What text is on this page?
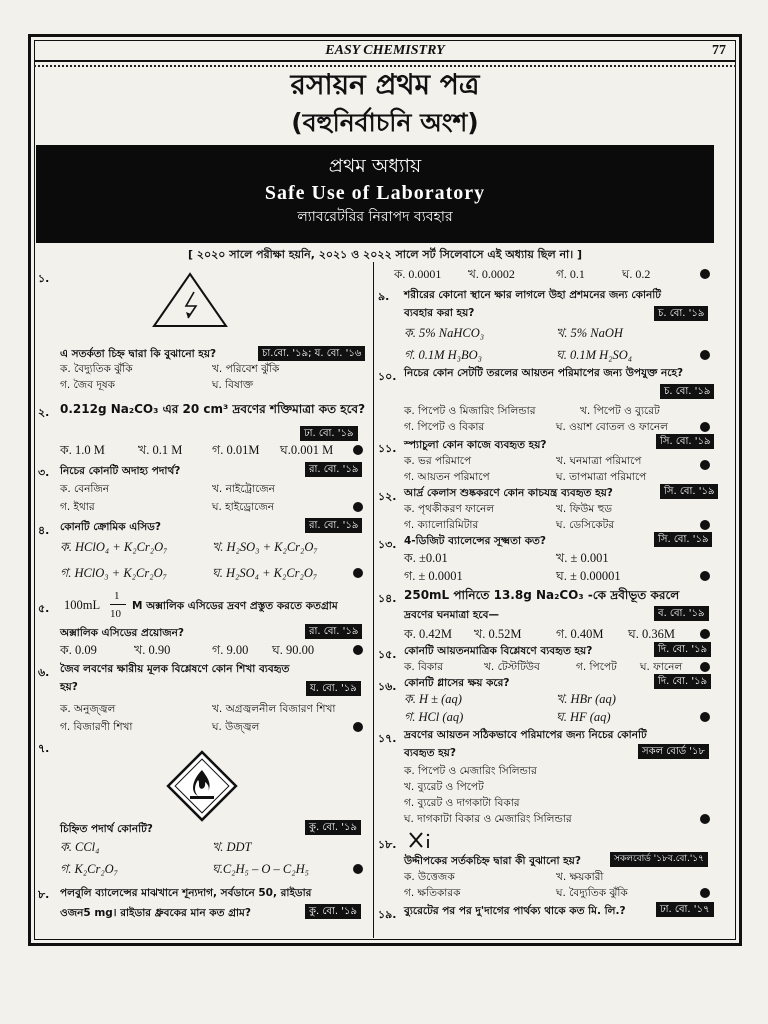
EASY CHEMISTRY	77
রসায়ন প্রথম পত্র
(বহুনির্বাচনি অংশ)
প্রথম অধ্যায়
Safe Use of Laboratory
ল্যাবরেটরির নিরাপদ ব্যবহার
[ ২০২০ সালে পরীক্ষা হয়নি, ২০২১ ও ২০২২ সালে সর্ট সিলেবাসে এই অধ্যায় ছিল না। ]
১.
এ সতর্কতা চিহ্ন দ্বারা কি বুঝানো হয়?	চা.বো. '১৯; য. বো. '১৬
ক. বৈদ্যুতিক ঝুঁকি	খ. পরিবেশ ঝুঁকি
গ. জৈব দূষক	ঘ. বিষাক্ত
২. 0.212g Na₂CO₃ এর 20 cm³ দ্রবণের শক্তিমাত্রা কত হবে?
ঢা. বো. '১৯
ক. 1.0 M	খ. 0.1 M গ. 0.01M ঘ.0.001 M
৩. নিচের কোনটি অদাহ্য পদার্থ?	রা. বো. '১৯
ক. বেনজিন	খ. নাইট্রোজেন
গ. ইথার	ঘ. হাইড্রোজেন
৪. কোনটি ক্রোমিক এসিড?	রা. বো. '১৯
ক. HClO₄ + K₂Cr₂O₇	খ. H₂SO₃ + K₂Cr₂O₇
গ. HClO₃ + K₂Cr₂O₇	ঘ. H₂SO₄ + K₂Cr₂O₇
৫. 100mL
1
10
M অক্সালিক এসিডের দ্রবণ প্রস্তুত করতে কতগ্রাম
অক্সালিক এসিডের প্রয়োজন?	রা. বো. '১৯
ক. 0.09	খ. 0.90	গ. 9.00 ঘ. 90.00
৬. জৈব লবণের ক্ষারীয় মূলক বিশ্লেষণে কোন শিখা ব্যবহৃত
হয়?	য. বো. '১৯
ক. অনুজ্জ্বল	খ. অগ্রজ্বলনীল বিজারণ শিখা
গ. বিজারণী শিখা	ঘ. উজ্জ্বল
৭.
চিহ্নিত পদার্থ কোনটি?	কু. বো. '১৯
ক. CCl₄	খ. DDT
গ. K₂Cr₂O₇	ঘ.C₂H₅ – O – C₂H₅
৮. পলবুলি ব্যালেন্সের মাঝখানে শূন্যদাগ, সর্বডানে 50, রাইডার
ওজন5 mg। রাইডার ধ্রুবকের মান কত গ্রাম?	কু. বো. '১৯
ক. 0.0001 খ. 0.0002	গ. 0.1	ঘ. 0.2
৯. শরীরের কোনো স্থানে ক্ষার লাগলে উহা প্রশমনের জন্য কোনটি
ব্যবহার করা হয়?	চ. বো. '১৯
ক. 5% NaHCO₃	খ. 5% NaOH
গ. 0.1M H₃BO₃	ঘ. 0.1M H₂SO₄
১০. নিচের কোন সেটটি তরলের আয়তন পরিমাপের জন্য উপযুক্ত নহে?
চ. বো. '১৯
ক. পিপেট ও মিজারিং সিলিন্ডার	খ. পিপেট ও ব্যুরেট
গ. পিপেট ও বিকার	ঘ. ওয়াশ বোতল ও ফানেল
১১. স্প্যাচুলা কোন কাজে ব্যবহৃত হয়?	সি. বো. '১৯
ক. ভর পরিমাপে	খ. ঘনমাত্রা পরিমাপে
গ. আয়তন পরিমাপে	ঘ. তাপমাত্রা পরিমাপে
১২. আর্দ্র কেলাস শুষ্ককরণে কোন কাচযন্ত্র ব্যবহৃত হয়?	সি. বো. '১৯
ক. পৃথকীকরণ ফানেল	খ. ফিউম হুড
গ. ক্যালোরিমিটার	ঘ. ডেসিকেটর
১৩. 4-ডিজিট ব্যালেন্সের সূক্ষ্মতা কত?	সি. বো. '১৯
ক. ±0.01	খ. ± 0.001
গ. ± 0.0001	ঘ. ± 0.00001
১৪. 250mL পানিতে 13.8g Na₂CO₃ -কে দ্রবীভূত করলে
দ্রবণের ঘনমাত্রা হবে—	ব. বো. '১৯
ক. 0.42M খ. 0.52M	গ. 0.40M ঘ. 0.36M
১৫. কোনটি আয়তনমাত্রিক বিশ্লেষণে ব্যবহৃত হয়?	দি. বো. '১৯
ক. বিকার	খ. টেস্টটিউব	গ. পিপেট ঘ. ফানেল
১৬. কোনটি গ্লাসের ক্ষয় করে?	দি. বো. '১৯
ক. H ± (aq)	খ. HBr (aq)
গ. HCl (aq)	ঘ. HF (aq)
১৭. দ্রবণের আয়তন সঠিকভাবে পরিমাপের জন্য নিচের কোনটি
ব্যবহৃত হয়?	সকল বোর্ড '১৮
ক. পিপেট ও মেজারিং সিলিন্ডার
খ. ব্যুরেট ও পিপেট
গ. ব্যুরেট ও দাগকাটা বিকার
ঘ. দাগকাটা বিকার ও মেজারিং সিলিন্ডার
১৮.
উদ্দীপকের সর্তকচিহ্ন দ্বারা কী বুঝানো হয়?	সকলবোর্ড '১৮ব.বো.'১৭
ক. উত্তেজক	খ. ক্ষয়কারী
গ. ক্ষতিকারক	ঘ. বৈদ্যুতিক ঝুঁকি
১৯. ব্যুরেটের পর পর দু'দাগের পার্থক্য থাকে কত মি. লি.?	ঢা. বো. '১৭
